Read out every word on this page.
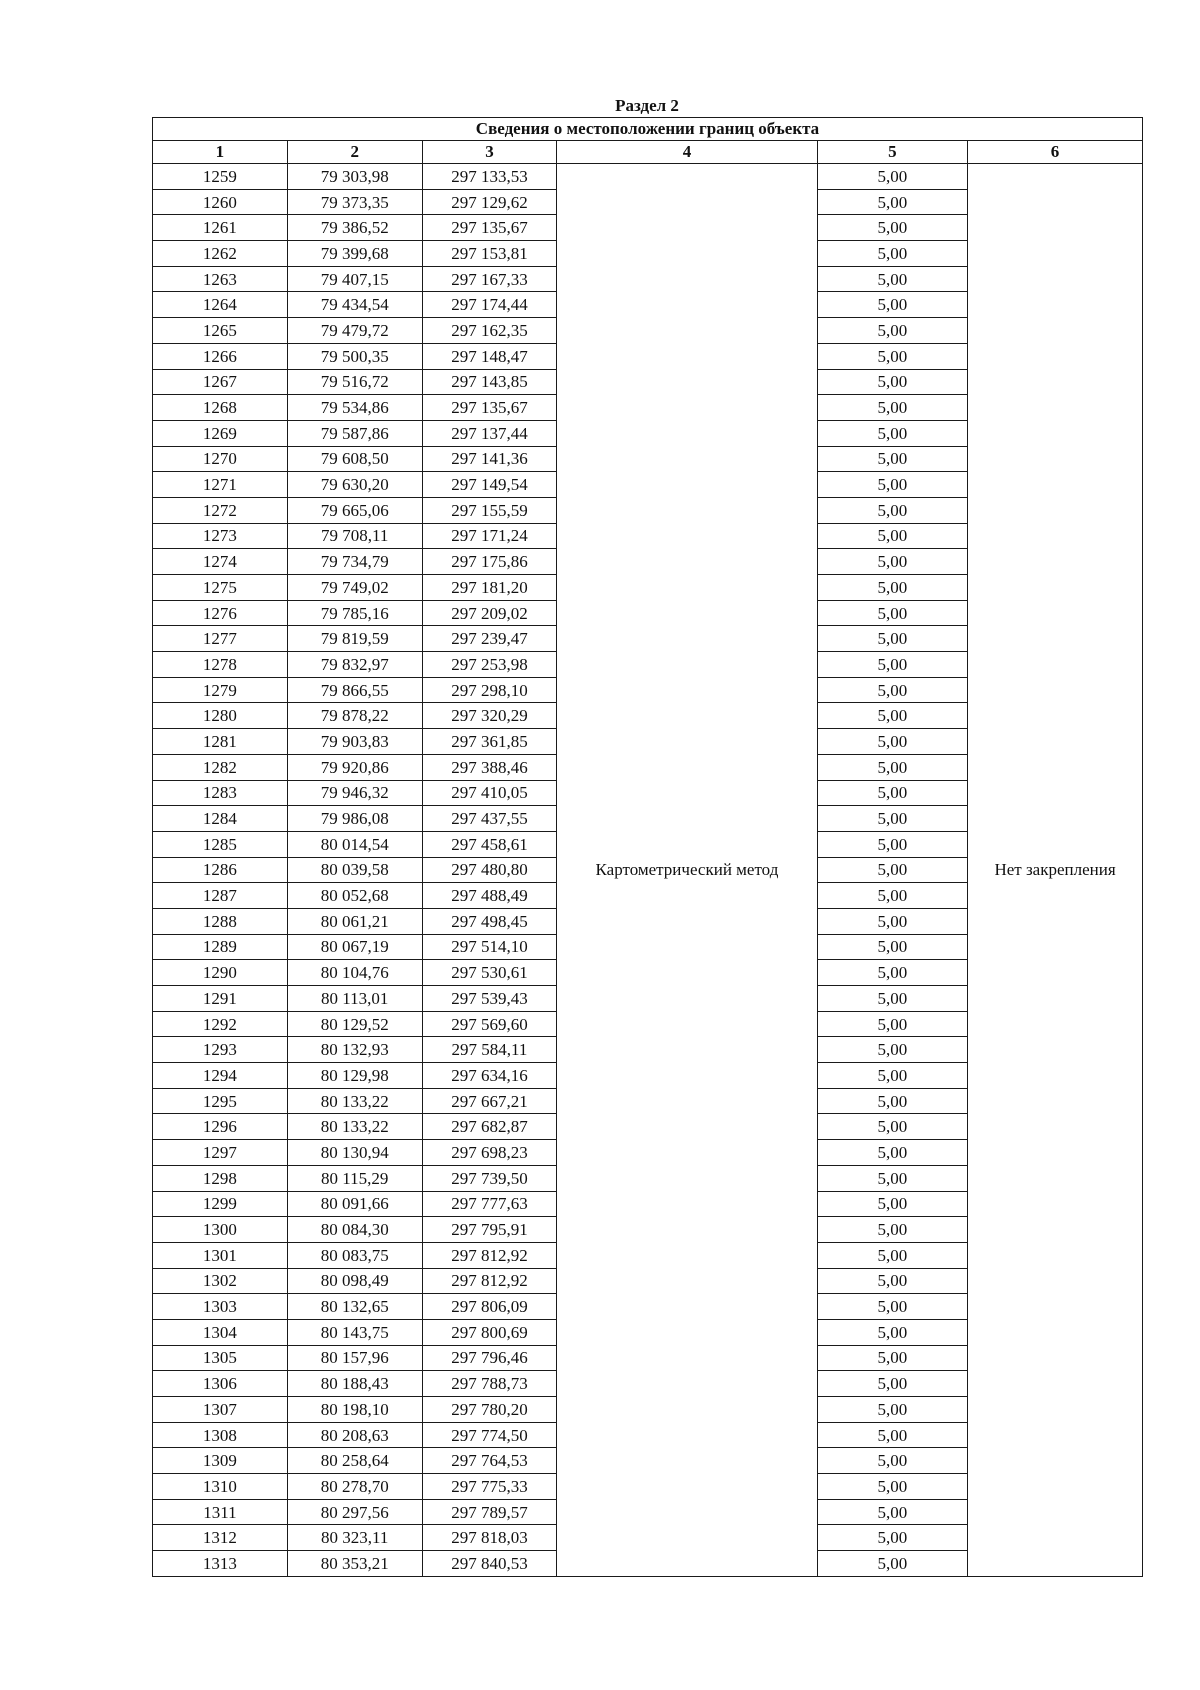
Раздел 2
Сведения о местоположении границ объекта					
1	2	3	4	5	6
1259	79 303,98	297 133,53	Картометрический метод	5,00	Нет закрепления
1260	79 373,35	297 129,62		5,00	
1261	79 386,52	297 135,67		5,00	
1262	79 399,68	297 153,81		5,00	
1263	79 407,15	297 167,33		5,00	
1264	79 434,54	297 174,44		5,00	
1265	79 479,72	297 162,35		5,00	
1266	79 500,35	297 148,47		5,00	
1267	79 516,72	297 143,85		5,00	
1268	79 534,86	297 135,67		5,00	
1269	79 587,86	297 137,44		5,00	
1270	79 608,50	297 141,36		5,00	
1271	79 630,20	297 149,54		5,00	
1272	79 665,06	297 155,59		5,00	
1273	79 708,11	297 171,24		5,00	
1274	79 734,79	297 175,86		5,00	
1275	79 749,02	297 181,20		5,00	
1276	79 785,16	297 209,02		5,00	
1277	79 819,59	297 239,47		5,00	
1278	79 832,97	297 253,98		5,00	
1279	79 866,55	297 298,10		5,00	
1280	79 878,22	297 320,29		5,00	
1281	79 903,83	297 361,85		5,00	
1282	79 920,86	297 388,46		5,00	
1283	79 946,32	297 410,05		5,00	
1284	79 986,08	297 437,55		5,00	
1285	80 014,54	297 458,61		5,00	
1286	80 039,58	297 480,80		5,00	
1287	80 052,68	297 488,49		5,00	
1288	80 061,21	297 498,45		5,00	
1289	80 067,19	297 514,10		5,00	
1290	80 104,76	297 530,61		5,00	
1291	80 113,01	297 539,43		5,00	
1292	80 129,52	297 569,60		5,00	
1293	80 132,93	297 584,11		5,00	
1294	80 129,98	297 634,16		5,00	
1295	80 133,22	297 667,21		5,00	
1296	80 133,22	297 682,87		5,00	
1297	80 130,94	297 698,23		5,00	
1298	80 115,29	297 739,50		5,00	
1299	80 091,66	297 777,63		5,00	
1300	80 084,30	297 795,91		5,00	
1301	80 083,75	297 812,92		5,00	
1302	80 098,49	297 812,92		5,00	
1303	80 132,65	297 806,09		5,00	
1304	80 143,75	297 800,69		5,00	
1305	80 157,96	297 796,46		5,00	
1306	80 188,43	297 788,73		5,00	
1307	80 198,10	297 780,20		5,00	
1308	80 208,63	297 774,50		5,00	
1309	80 258,64	297 764,53		5,00	
1310	80 278,70	297 775,33		5,00	
1311	80 297,56	297 789,57		5,00	
1312	80 323,11	297 818,03		5,00	
1313	80 353,21	297 840,53		5,00	
